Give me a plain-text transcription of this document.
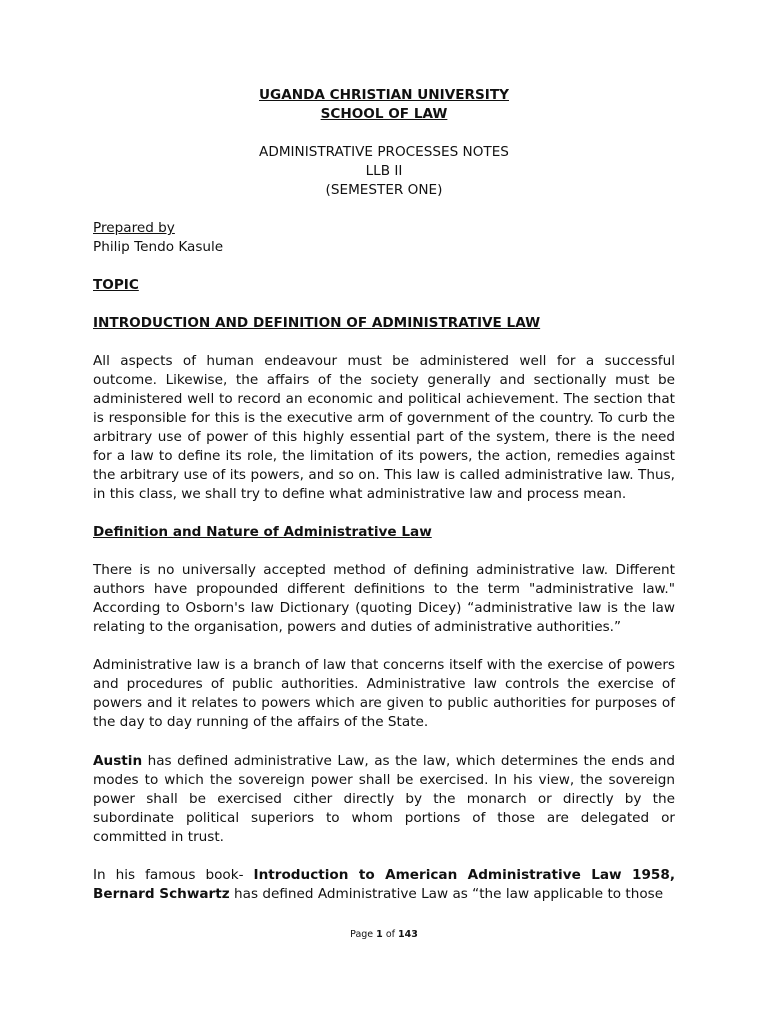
UGANDA CHRISTIAN UNIVERSITY

SCHOOL OF LAW

ADMINISTRATIVE PROCESSES NOTES

LLB II

(SEMESTER ONE)

Prepared by

Philip Tendo Kasule

TOPIC

INTRODUCTION AND DEFINITION OF ADMINISTRATIVE LAW

All aspects of human endeavour must be administered well for a successful outcome. Likewise, the affairs of the society generally and sectionally must be administered well to record an economic and political achievement. The section that is responsible for this is the executive arm of government of the country. To curb the arbitrary use of power of this highly essential part of the system, there is the need for a law to define its role, the limitation of its powers, the action, remedies against the arbitrary use of its powers, and so on. This law is called administrative law. Thus, in this class, we shall try to define what administrative law and process mean.

Definition and Nature of Administrative Law

There is no universally accepted method of defining administrative law. Different authors have propounded different definitions to the term "administrative law." According to Osborn's law Dictionary (quoting Dicey) “administrative law is the law relating to the organisation, powers and duties of administrative authorities.”

Administrative law is a branch of law that concerns itself with the exercise of powers and procedures of public authorities. Administrative law controls the exercise of powers and it relates to powers which are given to public authorities for purposes of the day to day running of the affairs of the State.

Austin has defined administrative Law, as the law, which determines the ends and modes to which the sovereign power shall be exercised. In his view, the sovereign power shall be exercised cither directly by the monarch or directly by the subordinate political superiors to whom portions of those are delegated or committed in trust.

In his famous book- Introduction to American Administrative Law 1958, Bernard Schwartz has defined Administrative Law as “the law applicable to those

Page 1 of 143
